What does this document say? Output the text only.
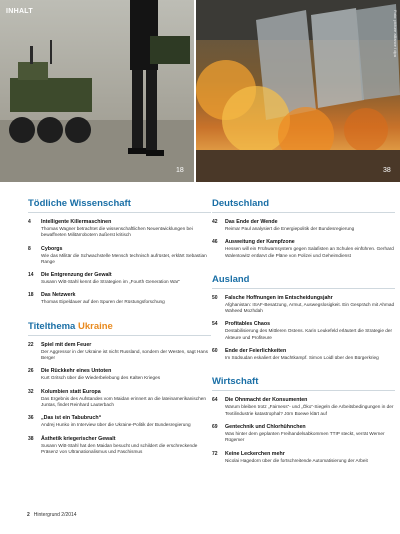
INHALT
18	38
Foto: picture alliance / dpa
Tödliche Wissenschaft
4 Intelligente Killermaschinen
Thomas Wagner betrachtet die wissenschaftlichen Neuentwicklungen bei bewaffneten Militärrobotern äußerst kritisch
8 Cyborgs
Wie das Militär die Schwachstelle Mensch technisch aufrüstet, erklärt Sebastian Range
14 Die Entgrenzung der Gewalt
Susann Witt-Stahl kennt die Strategien im „Fourth Generation War“
18 Das Netzwerk
Thomas Eipeldauer auf den Spuren der Rüstungsforschung
Titelthema Ukraine
22 Spiel mit dem Feuer
Der Aggressor in der Ukraine ist nicht Russland, sondern der Westen, sagt Hans Berger
26 Die Rückkehr eines Untoten
Kurt Gritsch über die Wiederbelebung des Kalten Krieges
32 Kolumbien statt Europa
Das Ergebnis des Aufstandes vom Maidan erinnert an die lateinamerikanischen Juntas, findet Reinhard Lauterbach
36 „Das ist ein Tabubruch“
Andrej Hunko im Interview über die Ukraine-Politik der Bundesregierung
38 Ästhetik kriegerischer Gewalt
Susann Witt-Stahl hat den Maidan besucht und schildert die erschreckende Präsenz von Ultranationalismus und Faschismus
Deutschland
42 Das Ende der Wende
Reimar Paul analysiert die Energiepolitik der Bundesregierung
46 Ausweitung der Kampfzone
Hessen will ein Frühwarnsystem gegen Salafisten an Schulen einführen. Gerhard Walentowitz entlarvt die Pläne von Polizei und Geheimdienst
Ausland
50 Falsche Hoffnungen im Entscheidungsjahr
Afghanistan: ISAF-Besatzung, Armut, Auswegslosigkeit. Ein Gespräch mit Ahmad Waheed Mozhdah
54 Profitables Chaos
Destabilisierung des Mittleren Ostens. Karin Leukefeld erläutert die Strategie der Akteure und Profiteure
60 Ende der Feierlichkeiten
Im Südsudan eskaliert der Machtkampf. Simon Loidl über den Bürgerkrieg
Wirtschaft
64 Die Ohnmacht der Konsumenten
Warum bleiben trotz „Fairness“- und „Öko“-Siegeln die Arbeitsbedingungen in der Textilindustrie katastrophal? Jörn Boewe klärt auf
69 Gentechnik und Chlorhühnchen
Was hinter dem geplanten Freihandelsabkommen TTIP steckt, verrät Werner Rügemer
72 Keine Leckerchen mehr
Nicolai Hagedorn über die fortschreitende Automatisierung der Arbeit
2 Hintergrund 2/2014
